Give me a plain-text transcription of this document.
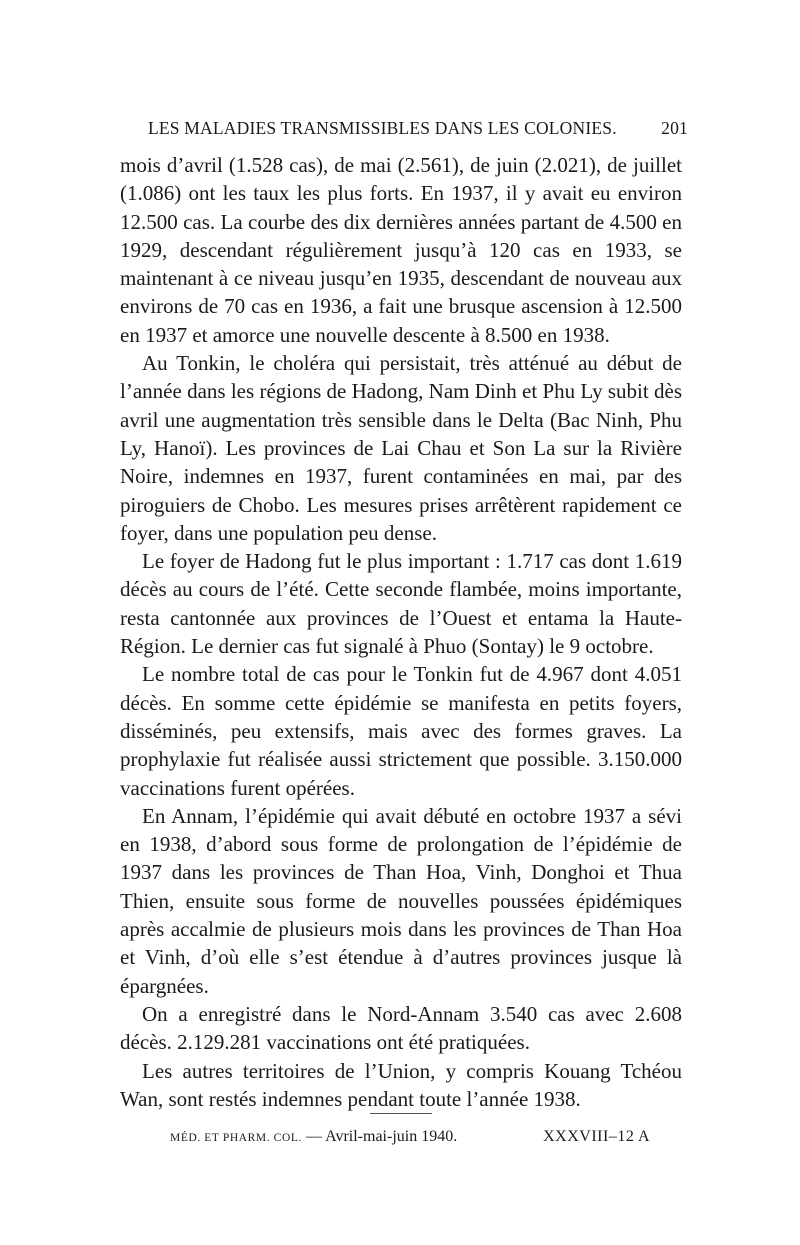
LES MALADIES TRANSMISSIBLES DANS LES COLONIES.	201

mois d’avril (1.528 cas), de mai (2.561), de juin (2.021), de juillet (1.086) ont les taux les plus forts. En 1937, il y avait eu environ 12.500 cas. La courbe des dix dernières années partant de 4.500 en 1929, descendant régulièrement jusqu’à 120 cas en 1933, se maintenant à ce niveau jusqu’en 1935, descendant de nouveau aux environs de 70 cas en 1936, a fait une brusque ascension à 12.500 en 1937 et amorce une nouvelle descente à 8.500 en 1938.

Au Tonkin, le choléra qui persistait, très atténué au début de l’année dans les régions de Hadong, Nam Dinh et Phu Ly subit dès avril une augmentation très sensible dans le Delta (Bac Ninh, Phu Ly, Hanoï). Les provinces de Lai Chau et Son La sur la Rivière Noire, indemnes en 1937, furent contaminées en mai, par des piroguiers de Chobo. Les mesures prises arrêtèrent rapidement ce foyer, dans une population peu dense.

Le foyer de Hadong fut le plus important : 1.717 cas dont 1.619 décès au cours de l’été. Cette seconde flambée, moins importante, resta cantonnée aux provinces de l’Ouest et entama la Haute-Région. Le dernier cas fut signalé à Phuo (Sontay) le 9 octobre.

Le nombre total de cas pour le Tonkin fut de 4.967 dont 4.051 décès. En somme cette épidémie se manifesta en petits foyers, disséminés, peu extensifs, mais avec des formes graves. La prophylaxie fut réalisée aussi strictement que possible. 3.150.000 vaccinations furent opérées.

En Annam, l’épidémie qui avait débuté en octobre 1937 a sévi en 1938, d’abord sous forme de prolongation de l’épidémie de 1937 dans les provinces de Than Hoa, Vinh, Donghoi et Thua Thien, ensuite sous forme de nouvelles poussées épidémiques après accalmie de plusieurs mois dans les provinces de Than Hoa et Vinh, d’où elle s’est étendue à d’autres provinces jusque là épargnées.

On a enregistré dans le Nord-Annam 3.540 cas avec 2.608 décès. 2.129.281 vaccinations ont été pratiquées.

Les autres territoires de l’Union, y compris Kouang Tchéou Wan, sont restés indemnes pendant toute l’année 1938.

MÉD. ET PHARM. COL. — Avril-mai-juin 1940.	XXXVIII–12 A
